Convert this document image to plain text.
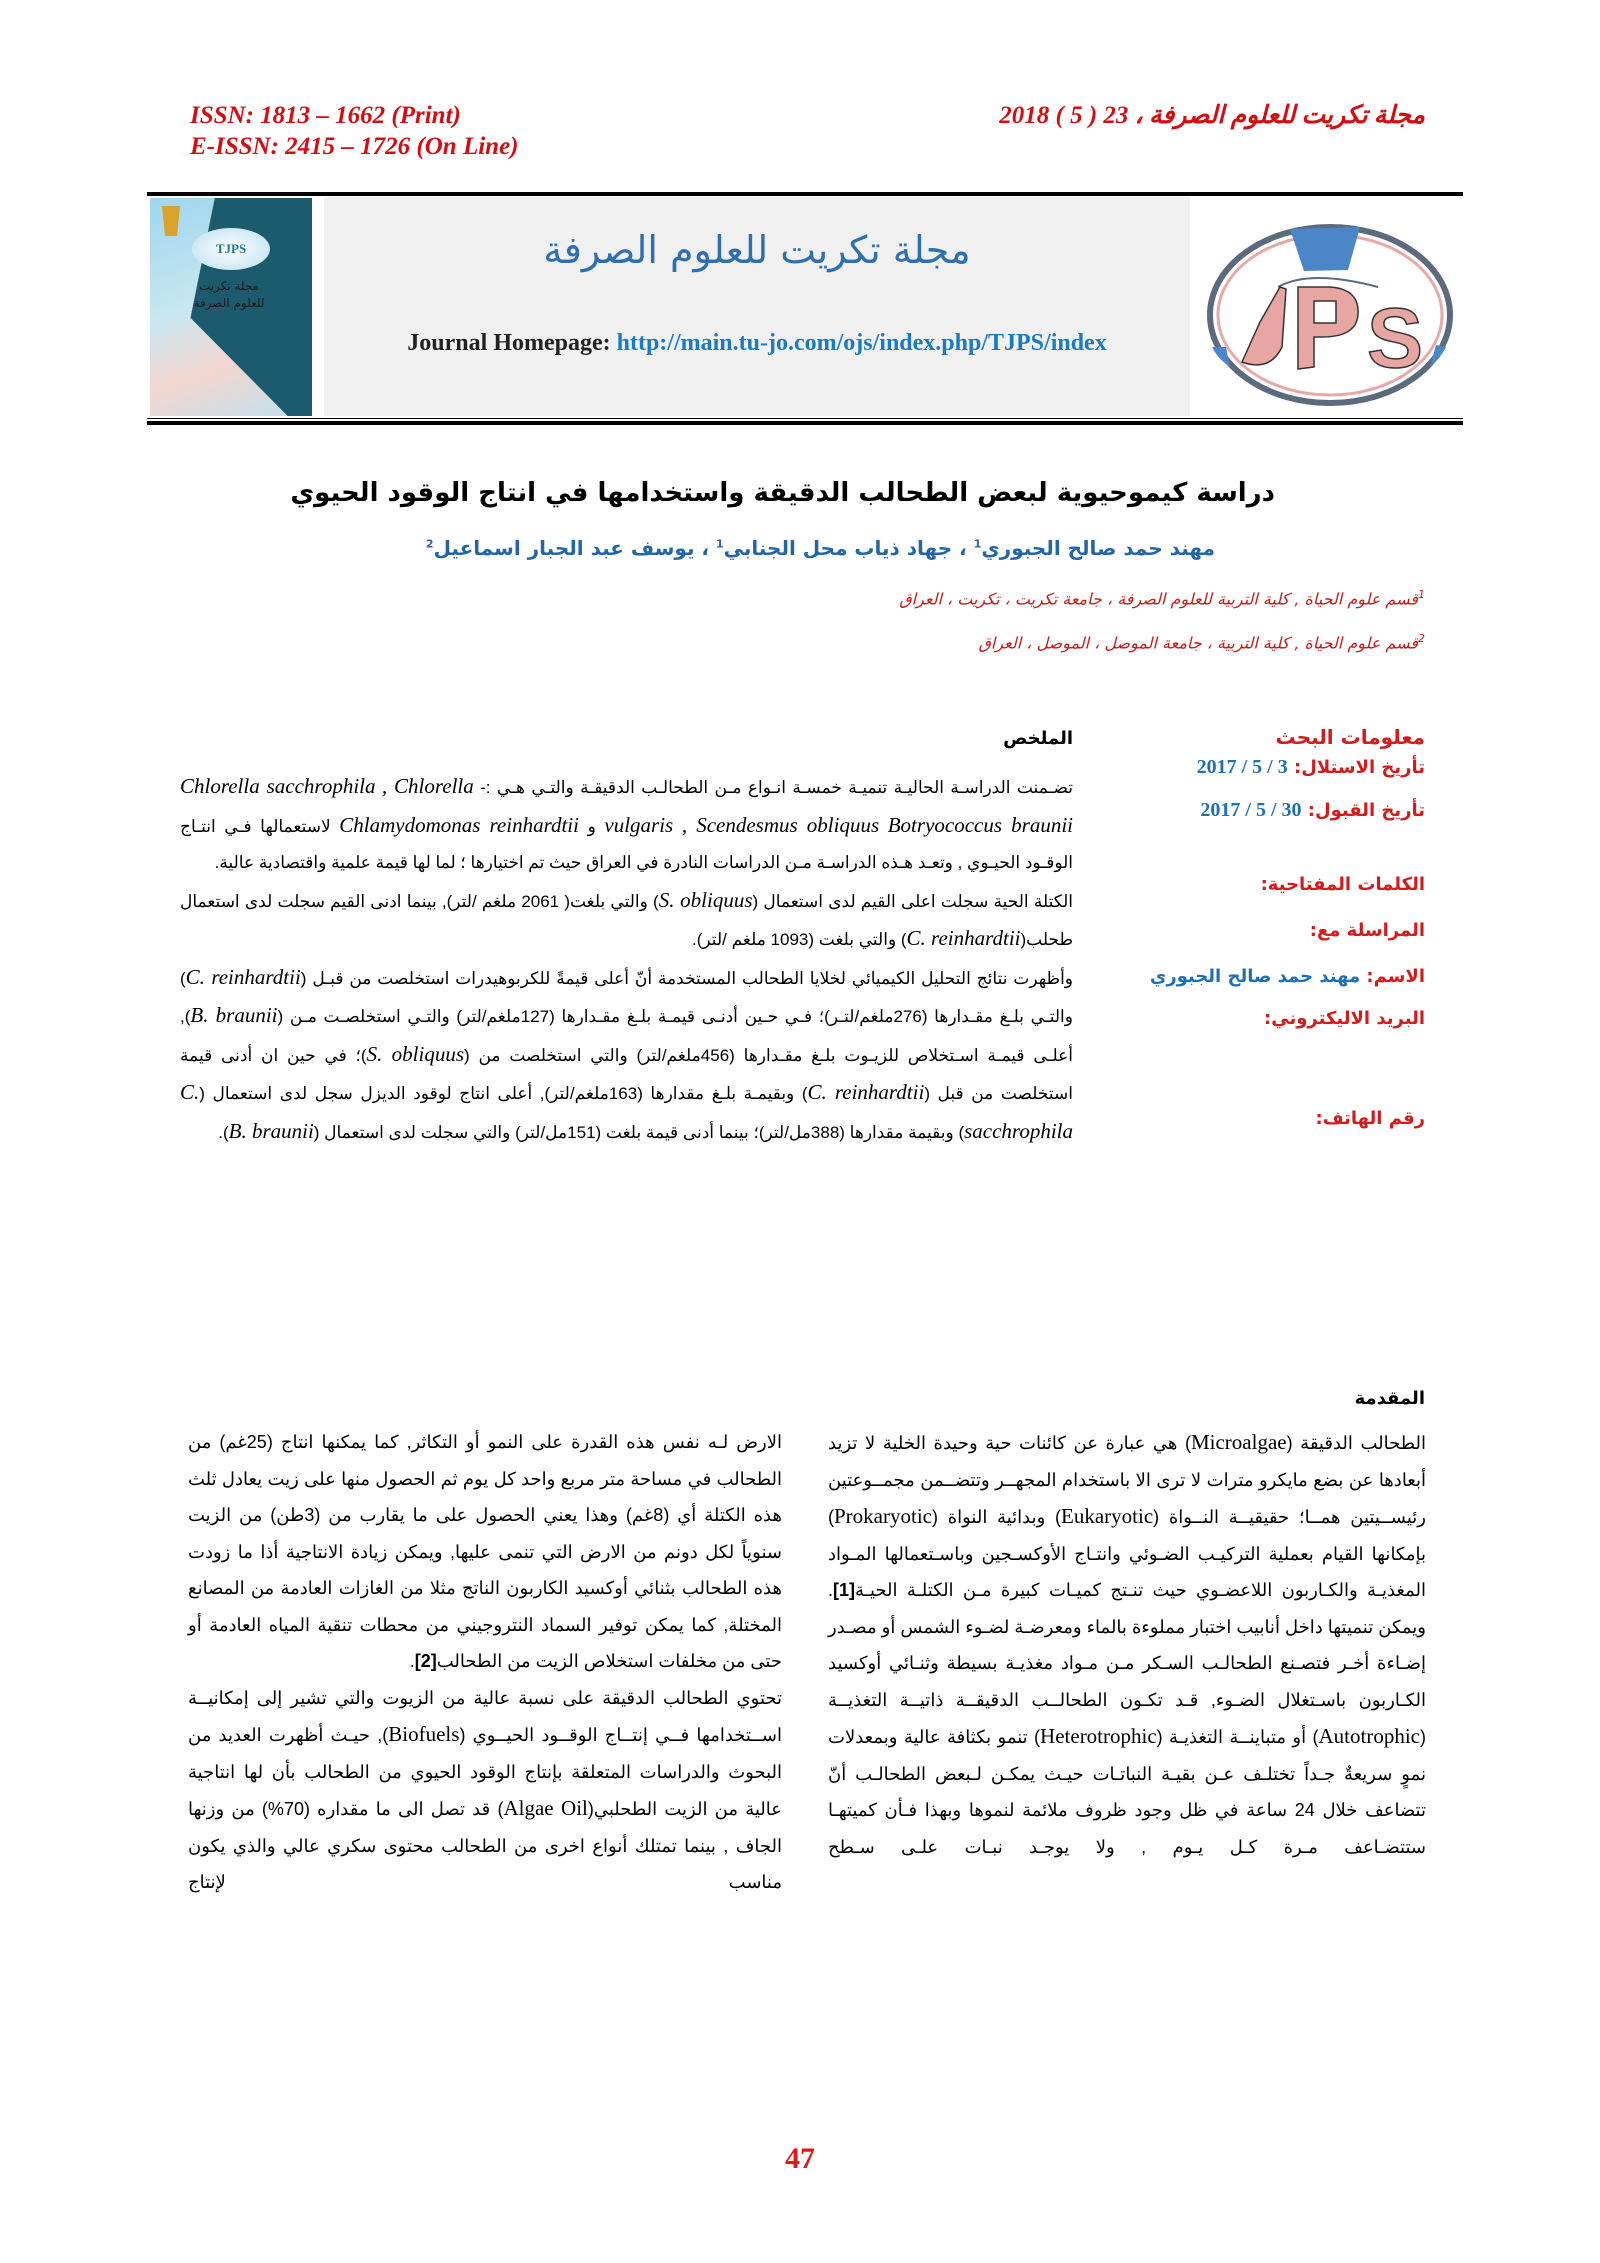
ISSN: 1813 – 1662 (Print)
E-ISSN: 2415 – 1726 (On Line)
مجلة تكريت للعلوم الصرفة ، 23 ( 5 ) 2018
TJPS
مجلة تكريت
للعلوم الصرفة
مجلة تكريت للعلوم الصرفة
Journal Homepage: http://main.tu-jo.com/ojs/index.php/TJPS/index	S
دراسة كيموحيوية لبعض الطحالب الدقيقة واستخدامها في انتاج الوقود الحيوي
مهند حمد صالح الجبوري$^1$ ، جهاد ذياب محل الجنابي$^1$ ، يوسف عبد الجبار اسماعيل$^2$
$^1$قسم علوم الحياة , كلية التربية للعلوم الصرفة ، جامعة تكريت ، تكريت ، العراق
$^2$قسم علوم الحياة , كلية التربية ، جامعة الموصل ، الموصل ، العراق
معلومات البحث
تأريخ الاستلال: 3 / 5 / 2017
تأريخ القبول: 30 / 5 / 2017
الكلمات المفتاحية:
المراسلة مع:
الاسم: مهند حمد صالح الجبوري
البريد الاليكتروني:
رقم الهاتف:
الملخص
تضـمنت الدراسـة الحاليـة تنميـة خمسـة انـواع مـن الطحالـب الدقيقـة والتـي هـي :- Chlorella sacchrophila , Chlorella vulgaris , Scendesmus obliquus Botryococcus braunii و Chlamydomonas reinhardtii لاستعمالها فـي انتـاج الوقـود الحيـوي , وتعـد هـذه الدراسـة مـن الدراسات النادرة في العراق حيث تم اختيارها ؛ لما لها قيمة علمية واقتصادية عالية.
الكتلة الحية سجلت اعلى القيم لدى استعمال (S. obliquus) والتي بلغت( 2061 ملغم /لتر), بينما ادنى القيم سجلت لدى استعمال طحلب(C. reinhardtii) والتي بلغت (1093 ملغم /لتر).
وأظهرت نتائج التحليل الكيميائي لخلايا الطحالب المستخدمة أنّ أعلى قيمةً للكربوهيدرات استخلصت من قبـل (C. reinhardtii) والتـي بلـغ مقـدارها (276ملغم/لتـر)؛ فـي حـين أدنـى قيمـة بلـغ مقـدارها (127ملغم/لتر) والتـي استخلصـت مـن (B. braunii), أعلـى قيمـة اسـتخلاص للزيـوت بلـغ مقـدارها (456ملغم/لتر) والتي استخلصت من (S. obliquus)؛ في حين ان أدنى قيمة استخلصت من قبل (C. reinhardtii) وبقيمـة بلـغ مقدارها (163ملغم/لتر), أعلى انتاج لوقود الديزل سجل لدى استعمال (C. sacchrophila) وبقيمة مقدارها (388مل/لتر)؛ بينما أدنى قيمة بلغت (151مل/لتر) والتي سجلت لدى استعمال (B. braunii).
المقدمة

الطحالب الدقيقة (Microalgae) هي عبارة عن كائنات حية وحيدة الخلية لا تزيد أبعادها عن بضع مايكرو مترات لا ترى الا باستخدام المجهــر وتتضــمن مجمــوعتين رئيســيتين همــا؛ حقيقيــة النــواة (Eukaryotic) وبدائية النواة (Prokaryotic) بإمكانها القيام بعملية التركيـب الضـوئي وانتـاج الأوكسـجين وباسـتعمالها المـواد المغذيـة والكـاربون اللاعضـوي حيث تنـتج كميـات كبيرة مـن الكتلـة الحيـة[1].

ويمكن تنميتها داخل أنابيب اختبار مملوءة بالماء ومعرضـة لضـوء الشمس أو مصـدر إضـاءة أخـر فتصـنع الطحالـب السـكر مـن مـواد مغذيـة بسيطة وثنـائي أوكسيد الكـاربون باسـتغلال الضـوء, قـد تكـون الطحالــب الدقيقــة ذاتيــة التغذيــة (Autotrophic) أو متباينــة التغذيـة (Heterotrophic) تنمو بكثافة عالية وبمعدلات نموٍ سريعةٌ جـداً تختلـف عـن بقيـة النباتـات حيـث يمكـن لـبعض الطحالـب أنّ تتضاعف خلال 24 ساعة في ظل وجود ظروف ملائمة لنموها وبهذا فـأن كميتهـا ستتضـاعف مـرة كـل يـوم , ولا يوجـد نبـات علـى سـطح

الارض لـه نفس هذه القدرة على النمو أو التكاثر, كما يمكنها انتاج (25غم) من الطحالب في مساحة متر مربع واحد كل يوم ثم الحصول منها على زيت يعادل ثلث هذه الكتلة أي (8غم) وهذا يعني الحصول على ما يقارب من (3طن) من الزيت سنوياً لكل دونم من الارض التي تنمى عليها, ويمكن زيادة الانتاجية أذا ما زودت هذه الطحالب بثنائي أوكسيد الكاربون الناتج مثلا من الغازات العادمة من المصانع المختلة, كما يمكن توفير السماد النتروجيني من محطات تنقية المياه العادمة أو حتى من مخلفات استخلاص الزيت من الطحالب[2].

تحتوي الطحالب الدقيقة على نسبة عالية من الزيوت والتي تشير إلى إمكانيــة اســتخدامها فــي إنتــاج الوقــود الحيــوي (Biofuels), حيـث أظهرت العديد من البحوث والدراسات المتعلقة بإنتاج الوقود الحيوي من الطحالب بأن لها انتاجية عالية من الزيت الطحلبي(Algae Oil) قد تصل الى ما مقداره (70%) من وزنها الجاف , بينما تمتلك أنواع اخرى من الطحالب محتوى سكري عالي والذي يكون مناسب لإنتاج

47
